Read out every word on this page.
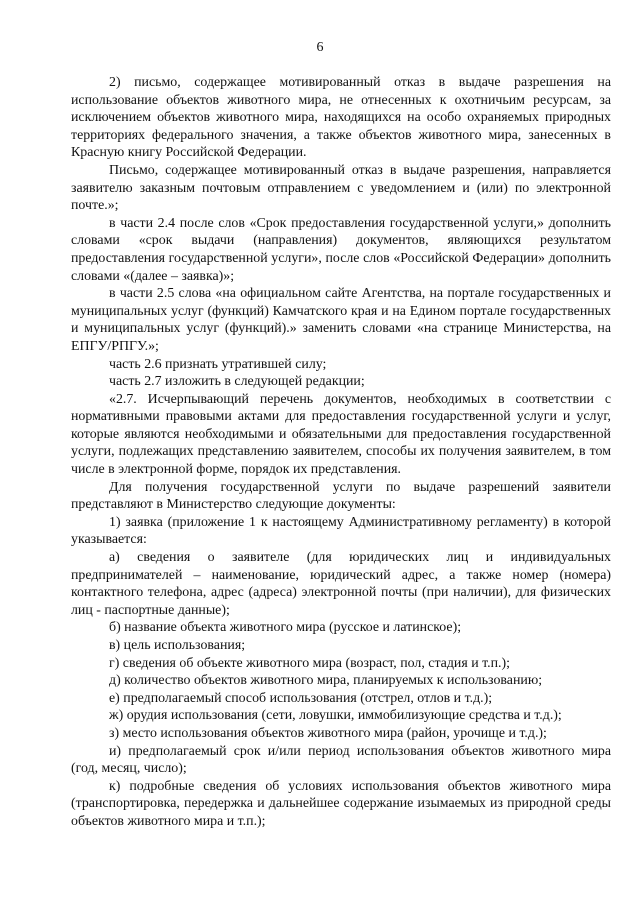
6

2) письмо, содержащее мотивированный отказ в выдаче разрешения на использование объектов животного мира, не отнесенных к охотничьим ресурсам, за исключением объектов животного мира, находящихся на особо охраняемых природных территориях федерального значения, а также объектов животного мира, занесенных в Красную книгу Российской Федерации.

Письмо, содержащее мотивированный отказ в выдаче разрешения, направляется заявителю заказным почтовым отправлением с уведомлением и (или) по электронной почте.»;

в части 2.4 после слов «Срок предоставления государственной услуги,» дополнить словами «срок выдачи (направления) документов, являющихся результатом предоставления государственной услуги», после слов «Российской Федерации» дополнить словами «(далее – заявка)»;

в части 2.5 слова «на официальном сайте Агентства, на портале государственных и муниципальных услуг (функций) Камчатского края и на Едином портале государственных и муниципальных услуг (функций).» заменить словами «на странице Министерства, на ЕПГУ/РПГУ.»;

часть 2.6 признать утратившей силу;

часть 2.7 изложить в следующей редакции;

«2.7. Исчерпывающий перечень документов, необходимых в соответствии с нормативными правовыми актами для предоставления государственной услуги и услуг, которые являются необходимыми и обязательными для предоставления государственной услуги, подлежащих представлению заявителем, способы их получения заявителем, в том числе в электронной форме, порядок их представления.

Для получения государственной услуги по выдаче разрешений заявители представляют в Министерство следующие документы:

1) заявка (приложение 1 к настоящему Административному регламенту) в которой указывается:

а) сведения о заявителе (для юридических лиц и индивидуальных предпринимателей – наименование, юридический адрес, а также номер (номера) контактного телефона, адрес (адреса) электронной почты (при наличии), для физических лиц - паспортные данные);

б) название объекта животного мира (русское и латинское);

в) цель использования;

г) сведения об объекте животного мира (возраст, пол, стадия и т.п.);

д) количество объектов животного мира, планируемых к использованию;

е) предполагаемый способ использования (отстрел, отлов и т.д.);

ж) орудия использования (сети, ловушки, иммобилизующие средства и т.д.);

з) место использования объектов животного мира (район, урочище и т.д.);

и) предполагаемый срок и/или период использования объектов животного мира (год, месяц, число);

к) подробные сведения об условиях использования объектов животного мира (транспортировка, передержка и дальнейшее содержание изымаемых из природной среды объектов животного мира и т.п.);
